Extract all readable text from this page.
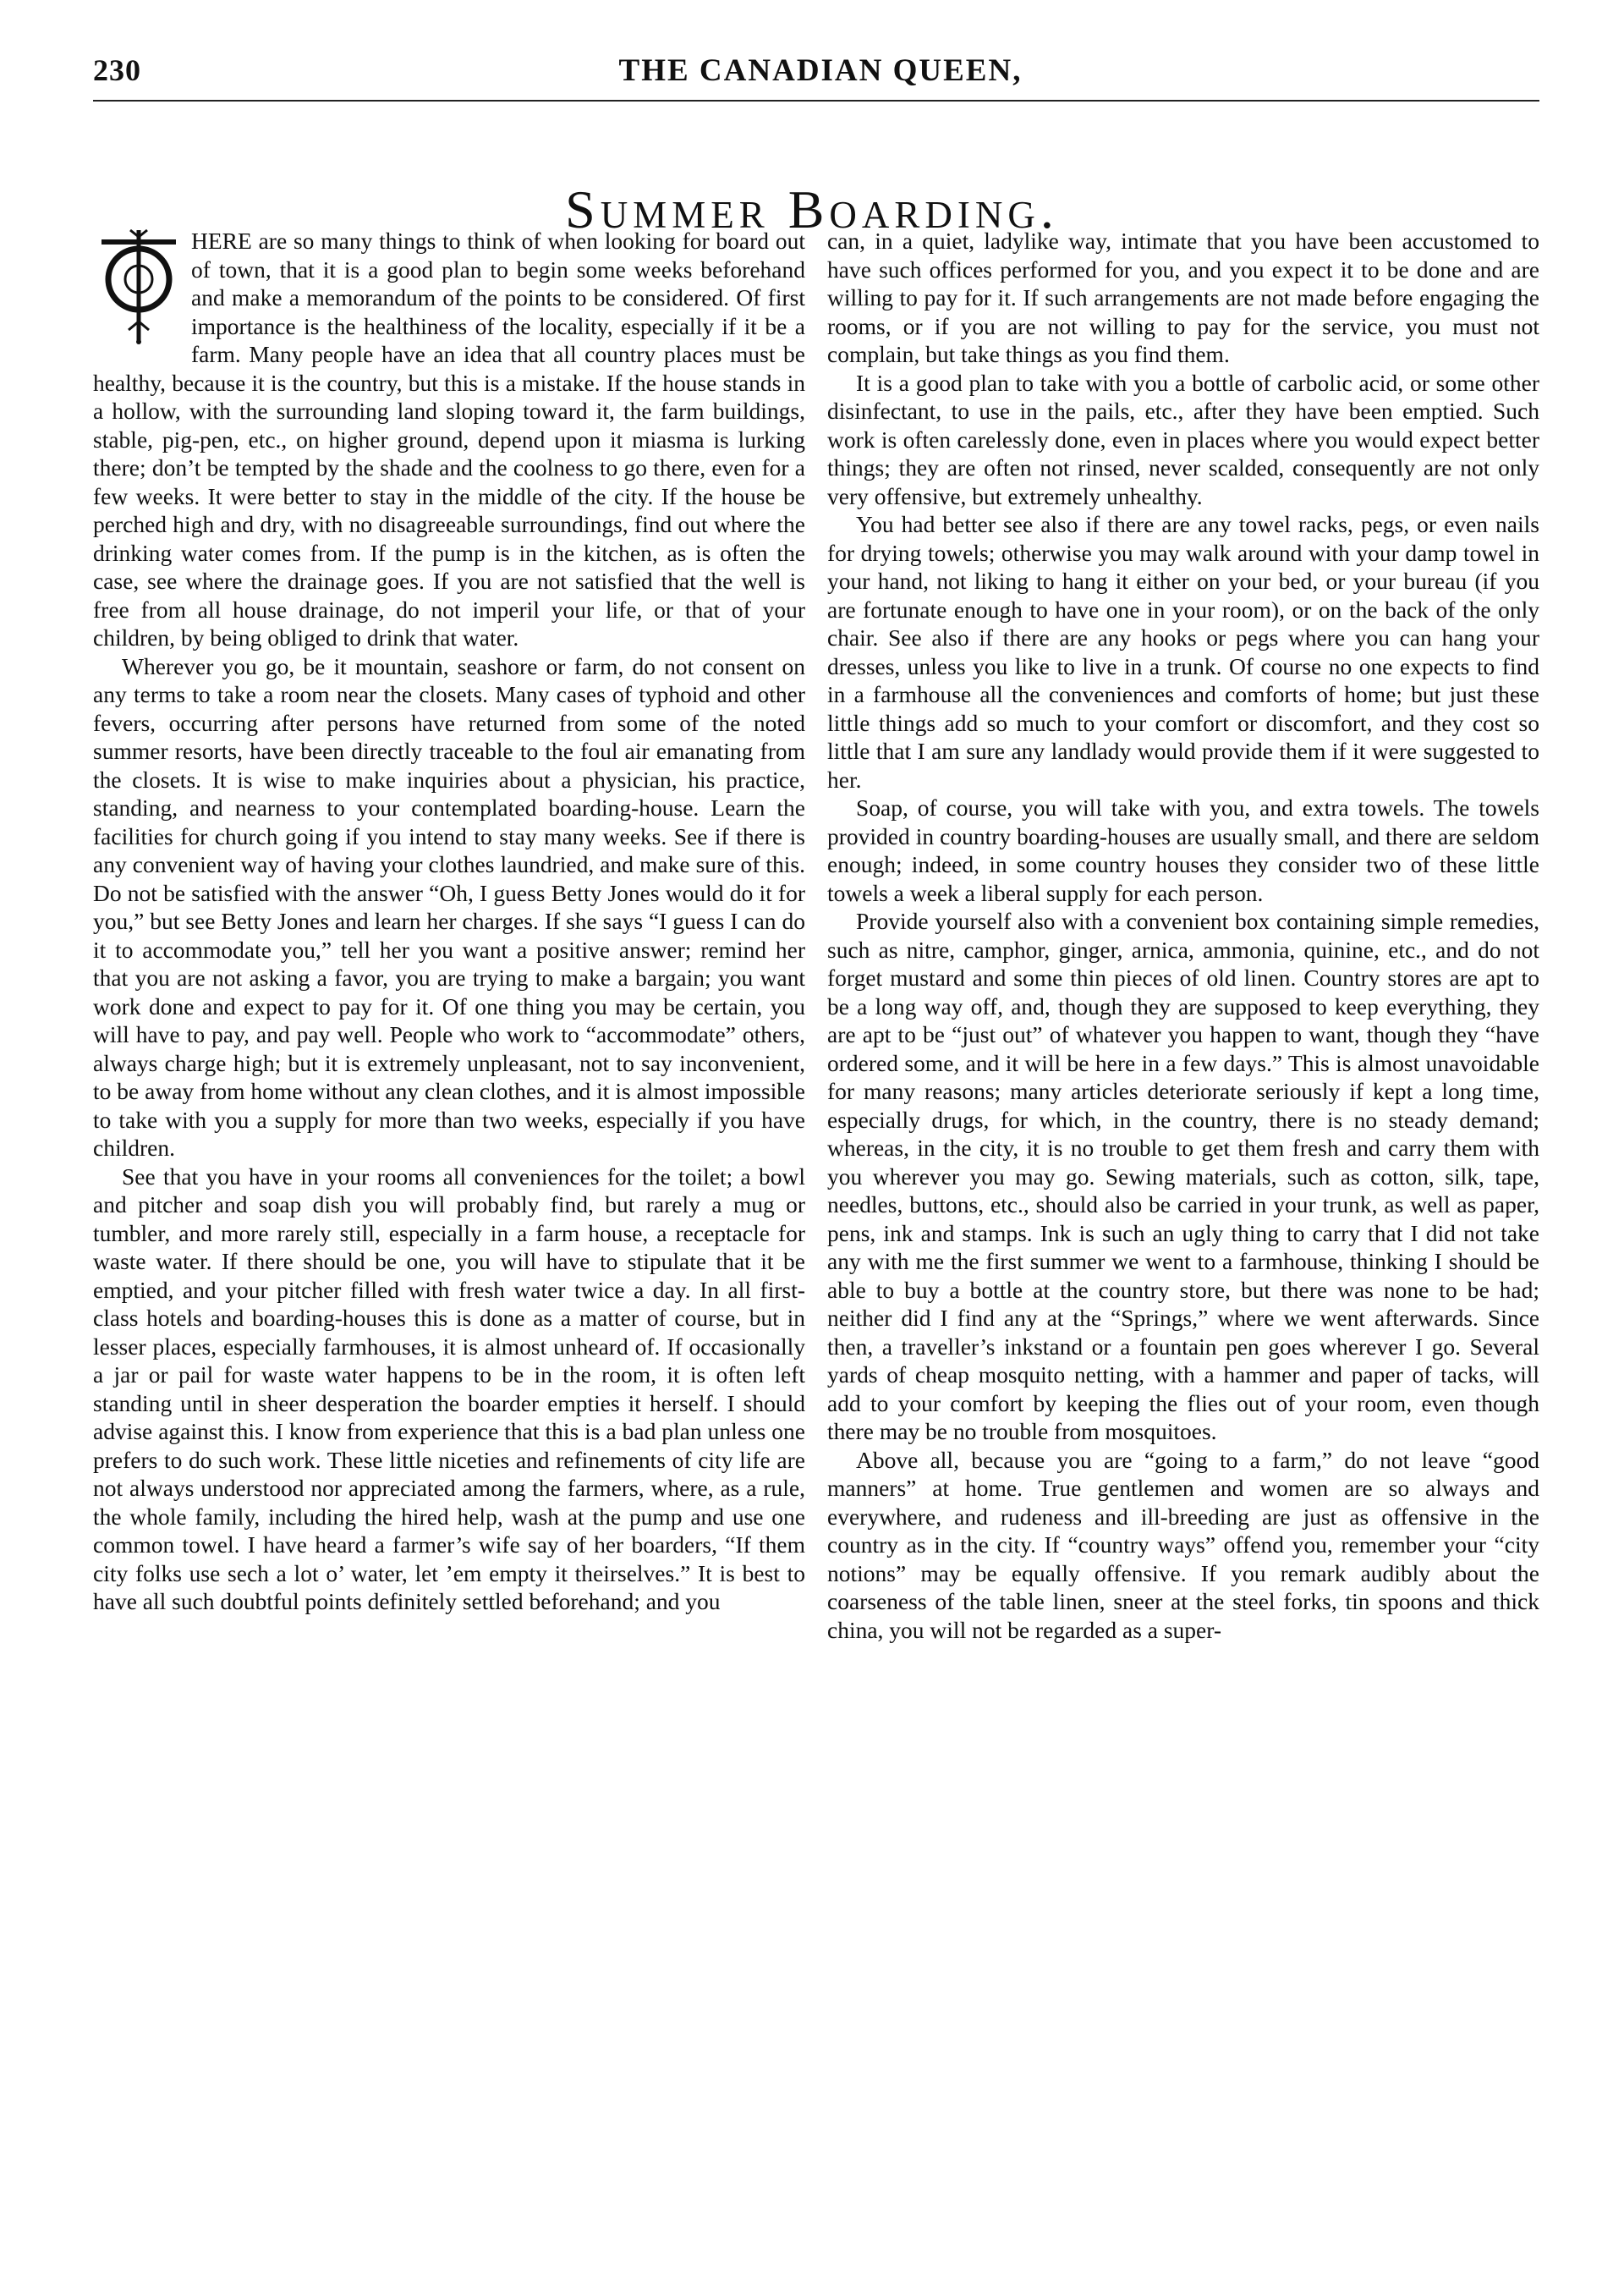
230	THE CANADIAN QUEEN,
Summer Boarding.

HERE are so many things to think of when looking for board out of town, that it is a good plan to begin some weeks beforehand and make a memorandum of the points to be considered. Of first importance is the healthiness of the locality, especially if it be a farm. Many people have an idea that all country places must be healthy, because it is the country, but this is a mistake. If the house stands in a hollow, with the surrounding land sloping toward it, the farm buildings, stable, pig-pen, etc., on higher ground, depend upon it miasma is lurking there; don’t be tempted by the shade and the coolness to go there, even for a few weeks. It were better to stay in the middle of the city. If the house be perched high and dry, with no disagreeable surroundings, find out where the drinking water comes from. If the pump is in the kitchen, as is often the case, see where the drainage goes. If you are not satisfied that the well is free from all house drainage, do not imperil your life, or that of your children, by being obliged to drink that water.

Wherever you go, be it mountain, seashore or farm, do not consent on any terms to take a room near the closets. Many cases of typhoid and other fevers, occurring after persons have returned from some of the noted summer resorts, have been directly traceable to the foul air emanating from the closets. It is wise to make inquiries about a physician, his practice, standing, and nearness to your contemplated boarding-house. Learn the facilities for church going if you intend to stay many weeks. See if there is any convenient way of having your clothes laundried, and make sure of this. Do not be satisfied with the answer “Oh, I guess Betty Jones would do it for you,” but see Betty Jones and learn her charges. If she says “I guess I can do it to accommodate you,” tell her you want a positive answer; remind her that you are not asking a favor, you are trying to make a bargain; you want work done and expect to pay for it. Of one thing you may be certain, you will have to pay, and pay well. People who work to “accommodate” others, always charge high; but it is extremely unpleasant, not to say inconvenient, to be away from home without any clean clothes, and it is almost impossible to take with you a supply for more than two weeks, especially if you have children.

See that you have in your rooms all conveniences for the toilet; a bowl and pitcher and soap dish you will probably find, but rarely a mug or tumbler, and more rarely still, especially in a farm house, a receptacle for waste water. If there should be one, you will have to stipulate that it be emptied, and your pitcher filled with fresh water twice a day. In all first-class hotels and boarding-houses this is done as a matter of course, but in lesser places, especially farmhouses, it is almost unheard of. If occasionally a jar or pail for waste water happens to be in the room, it is often left standing until in sheer desperation the boarder empties it herself. I should advise against this. I know from experience that this is a bad plan unless one prefers to do such work. These little niceties and refinements of city life are not always understood nor appreciated among the farmers, where, as a rule, the whole family, including the hired help, wash at the pump and use one common towel. I have heard a farmer’s wife say of her boarders, “If them city folks use sech a lot o’ water, let ’em empty it theirselves.” It is best to have all such doubtful points definitely settled beforehand; and you

can, in a quiet, ladylike way, intimate that you have been accustomed to have such offices performed for you, and you expect it to be done and are willing to pay for it. If such arrangements are not made before engaging the rooms, or if you are not willing to pay for the service, you must not complain, but take things as you find them.

It is a good plan to take with you a bottle of carbolic acid, or some other disinfectant, to use in the pails, etc., after they have been emptied. Such work is often carelessly done, even in places where you would expect better things; they are often not rinsed, never scalded, consequently are not only very offensive, but extremely unhealthy.

You had better see also if there are any towel racks, pegs, or even nails for drying towels; otherwise you may walk around with your damp towel in your hand, not liking to hang it either on your bed, or your bureau (if you are fortunate enough to have one in your room), or on the back of the only chair. See also if there are any hooks or pegs where you can hang your dresses, unless you like to live in a trunk. Of course no one expects to find in a farmhouse all the conveniences and comforts of home; but just these little things add so much to your comfort or discomfort, and they cost so little that I am sure any landlady would provide them if it were suggested to her.

Soap, of course, you will take with you, and extra towels. The towels provided in country boarding-houses are usually small, and there are seldom enough; indeed, in some country houses they consider two of these little towels a week a liberal supply for each person.

Provide yourself also with a convenient box containing simple remedies, such as nitre, camphor, ginger, arnica, ammonia, quinine, etc., and do not forget mustard and some thin pieces of old linen. Country stores are apt to be a long way off, and, though they are supposed to keep everything, they are apt to be “just out” of whatever you happen to want, though they “have ordered some, and it will be here in a few days.” This is almost unavoidable for many reasons; many articles deteriorate seriously if kept a long time, especially drugs, for which, in the country, there is no steady demand; whereas, in the city, it is no trouble to get them fresh and carry them with you wherever you may go. Sewing materials, such as cotton, silk, tape, needles, buttons, etc., should also be carried in your trunk, as well as paper, pens, ink and stamps. Ink is such an ugly thing to carry that I did not take any with me the first summer we went to a farmhouse, thinking I should be able to buy a bottle at the country store, but there was none to be had; neither did I find any at the “Springs,” where we went afterwards. Since then, a traveller’s inkstand or a fountain pen goes wherever I go. Several yards of cheap mosquito netting, with a hammer and paper of tacks, will add to your comfort by keeping the flies out of your room, even though there may be no trouble from mosquitoes.

Above all, because you are “going to a farm,” do not leave “good manners” at home. True gentlemen and women are so always and everywhere, and rudeness and ill-breeding are just as offensive in the country as in the city. If “country ways” offend you, remember your “city notions” may be equally offensive. If you remark audibly about the coarseness of the table linen, sneer at the steel forks, tin spoons and thick china, you will not be regarded as a super-
